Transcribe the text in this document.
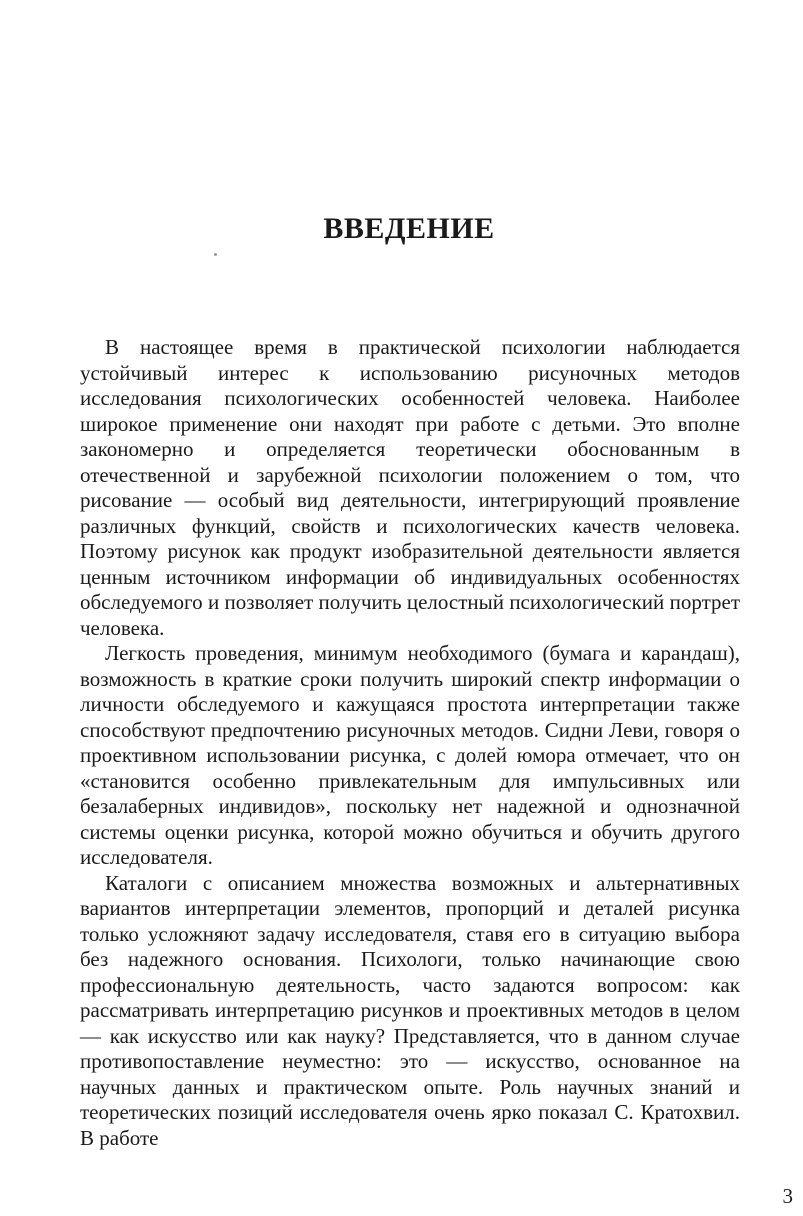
ВВЕДЕНИЕ

В настоящее время в практической психологии наблюдается устойчивый интерес к использованию рисуночных методов исследования психологических особенностей человека. Наиболее широкое применение они находят при работе с детьми. Это вполне закономерно и определяется теоретически обоснованным в отечественной и зарубежной психологии положением о том, что рисование — особый вид деятельности, интегрирующий проявление различных функций, свойств и психологических качеств человека. Поэтому рисунок как продукт изобразительной деятельности является ценным источником информации об индивидуальных особенностях обследуемого и позволяет получить целостный психологический портрет человека.

Легкость проведения, минимум необходимого (бумага и карандаш), возможность в краткие сроки получить широкий спектр информации о личности обследуемого и кажущаяся простота интерпретации также способствуют предпочтению рисуночных методов. Сидни Леви, говоря о проективном использовании рисунка, с долей юмора отмечает, что он «становится особенно привлекательным для импульсивных или безалаберных индивидов», поскольку нет надежной и однозначной системы оценки рисунка, которой можно обучиться и обучить другого исследователя.

Каталоги с описанием множества возможных и альтернативных вариантов интерпретации элементов, пропорций и деталей рисунка только усложняют задачу исследователя, ставя его в ситуацию выбора без надежного основания. Психологи, только начинающие свою профессиональную деятельность, часто задаются вопросом: как рассматривать интерпретацию рисунков и проективных методов в целом — как искусство или как науку? Представляется, что в данном случае противопоставление неуместно: это — искусство, основанное на научных данных и практическом опыте. Роль научных знаний и теоретических позиций исследователя очень ярко показал С. Кратохвил. В работе

3
